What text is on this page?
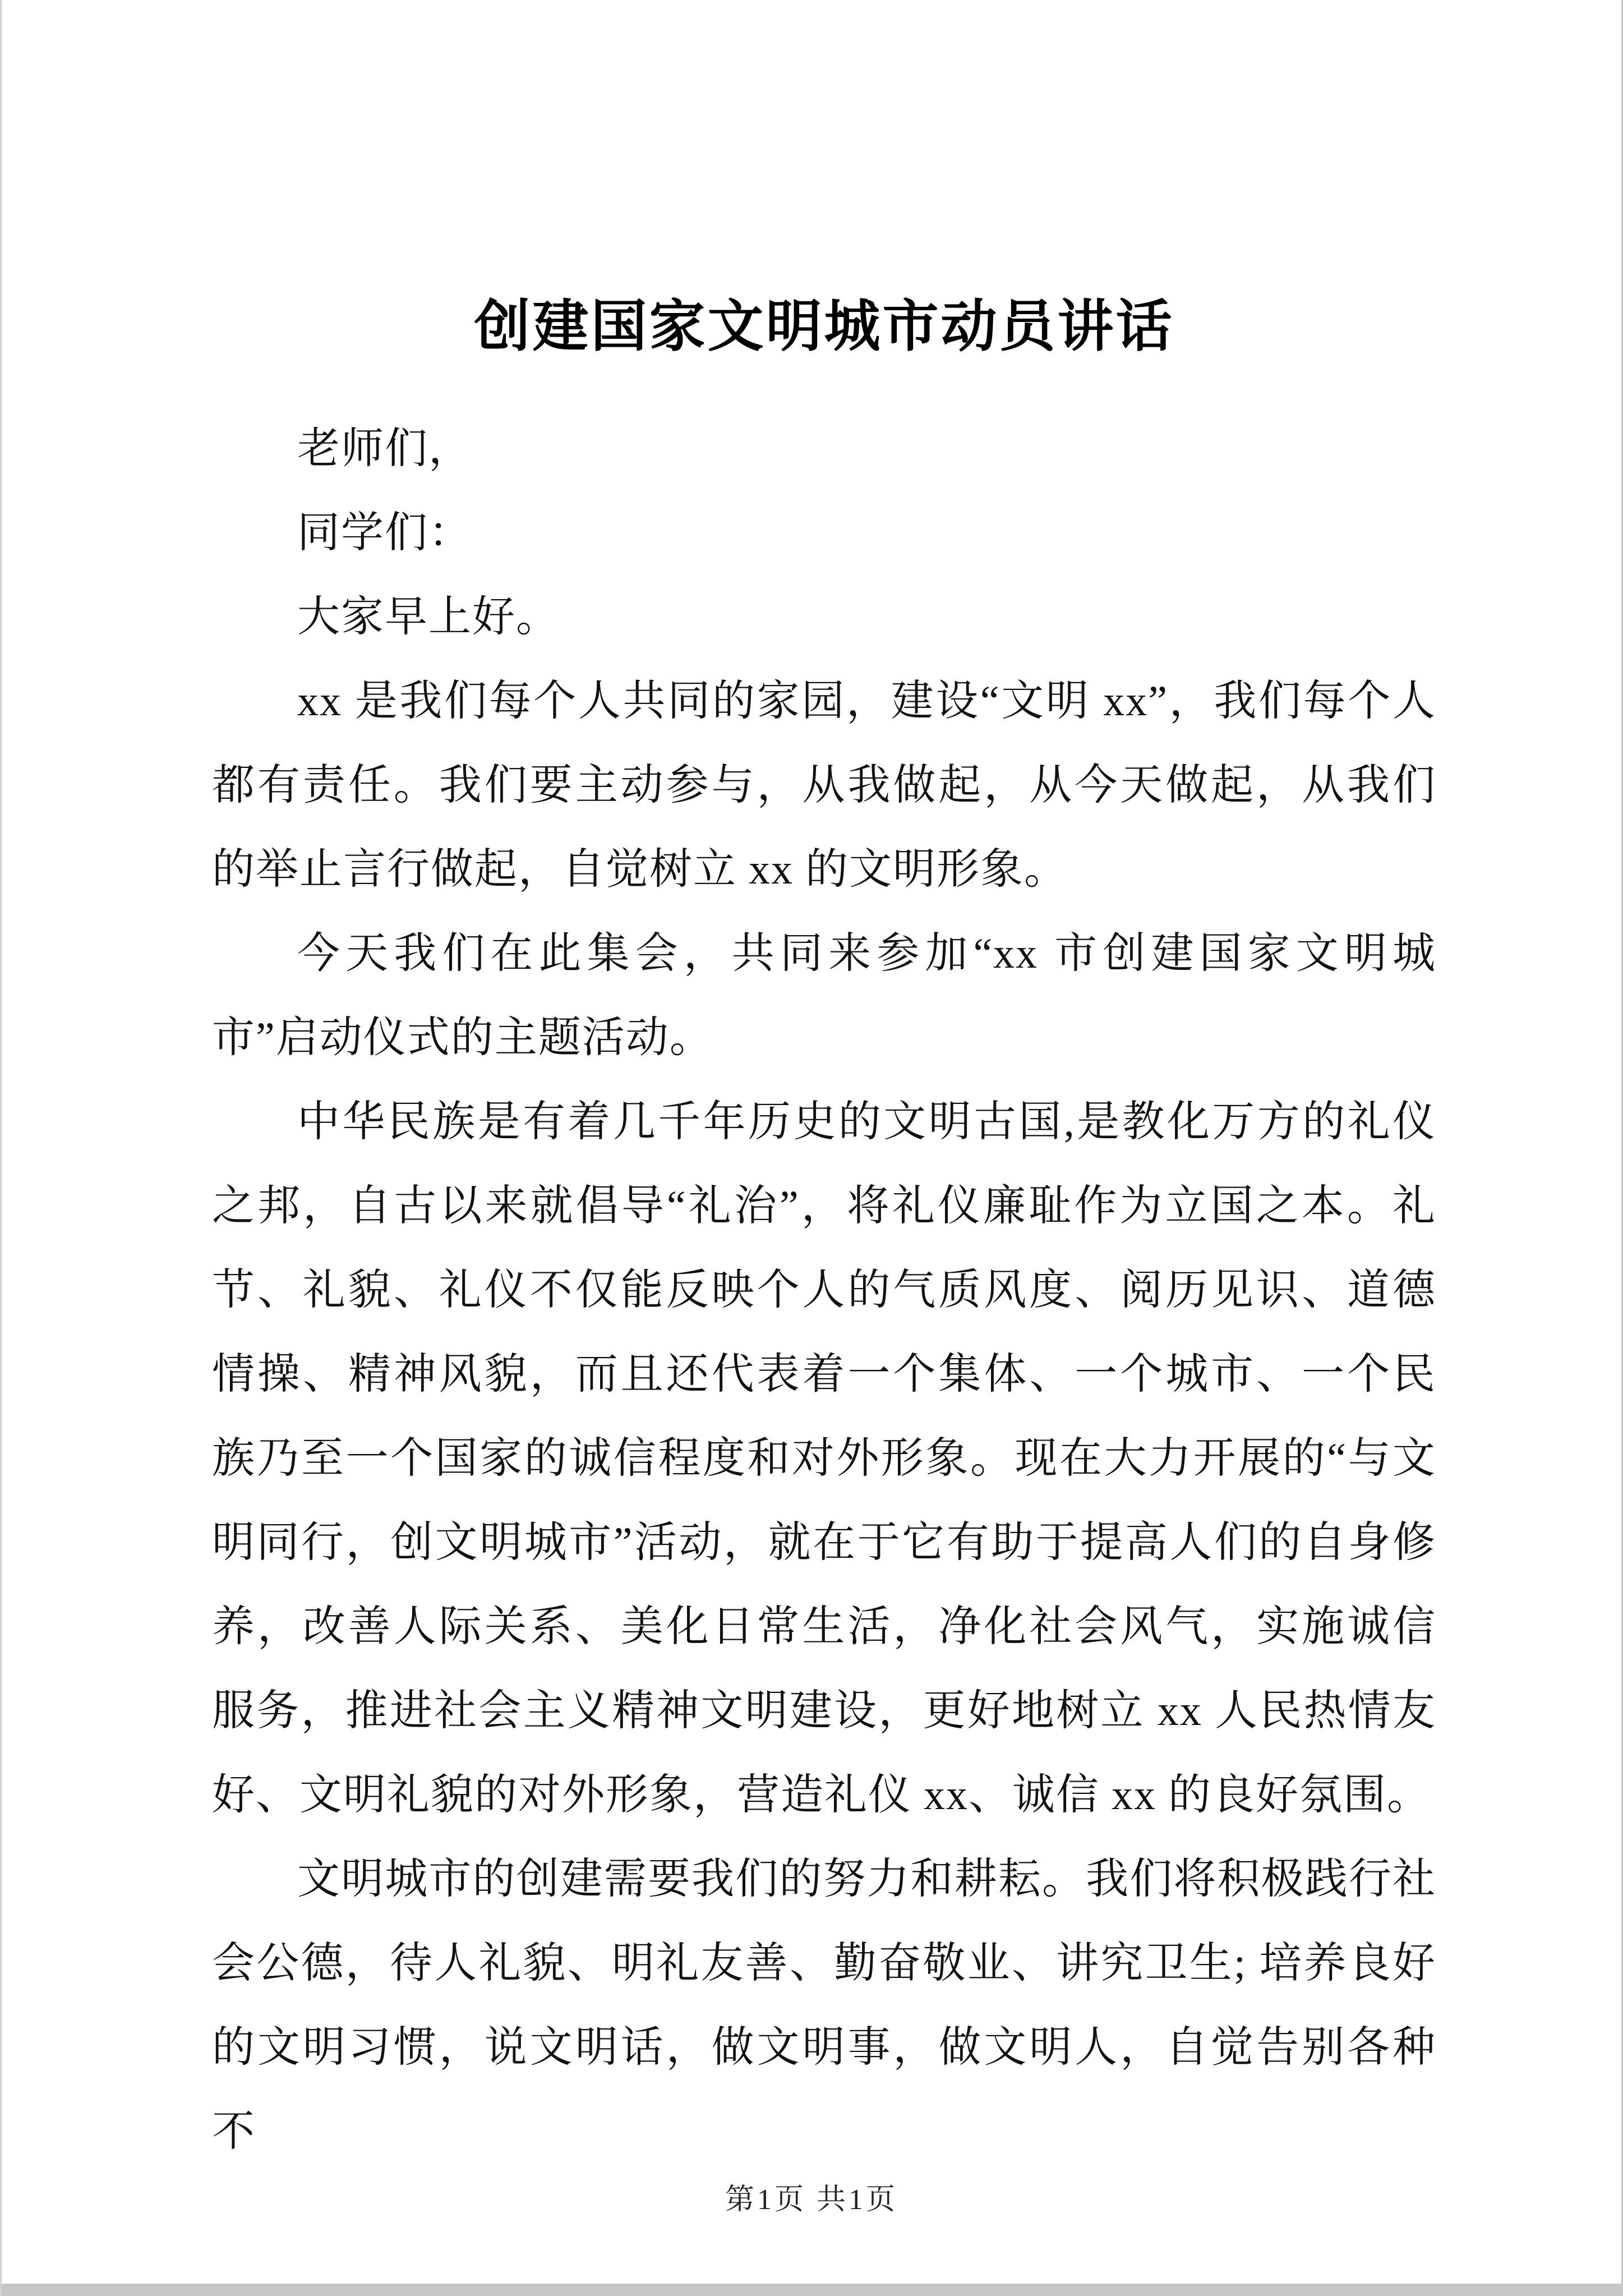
创建国家文明城市动员讲话

老师们，

同学们：

大家早上好。

xx 是我们每个人共同的家园，建设“文明 xx”，我们每个人都有责任。我们要主动参与，从我做起，从今天做起，从我们的举止言行做起，自觉树立 xx 的文明形象。

今天我们在此集会，共同来参加“xx 市创建国家文明城市”启动仪式的主题活动。

中华民族是有着几千年历史的文明古国,是教化万方的礼仪之邦，自古以来就倡导“礼治”，将礼仪廉耻作为立国之本。礼节、礼貌、礼仪不仅能反映个人的气质风度、阅历见识、道德情操、精神风貌，而且还代表着一个集体、一个城市、一个民族乃至一个国家的诚信程度和对外形象。现在大力开展的“与文明同行，创文明城市”活动，就在于它有助于提高人们的自身修养，改善人际关系、美化日常生活，净化社会风气，实施诚信服务，推进社会主义精神文明建设，更好地树立 xx 人民热情友好、文明礼貌的对外形象，营造礼仪 xx、诚信 xx 的良好氛围。

文明城市的创建需要我们的努力和耕耘。我们将积极践行社会公德，待人礼貌、明礼友善、勤奋敬业、讲究卫生; 培养良好的文明习惯，说文明话，做文明事，做文明人，自觉告别各种不

第1页 共1页
